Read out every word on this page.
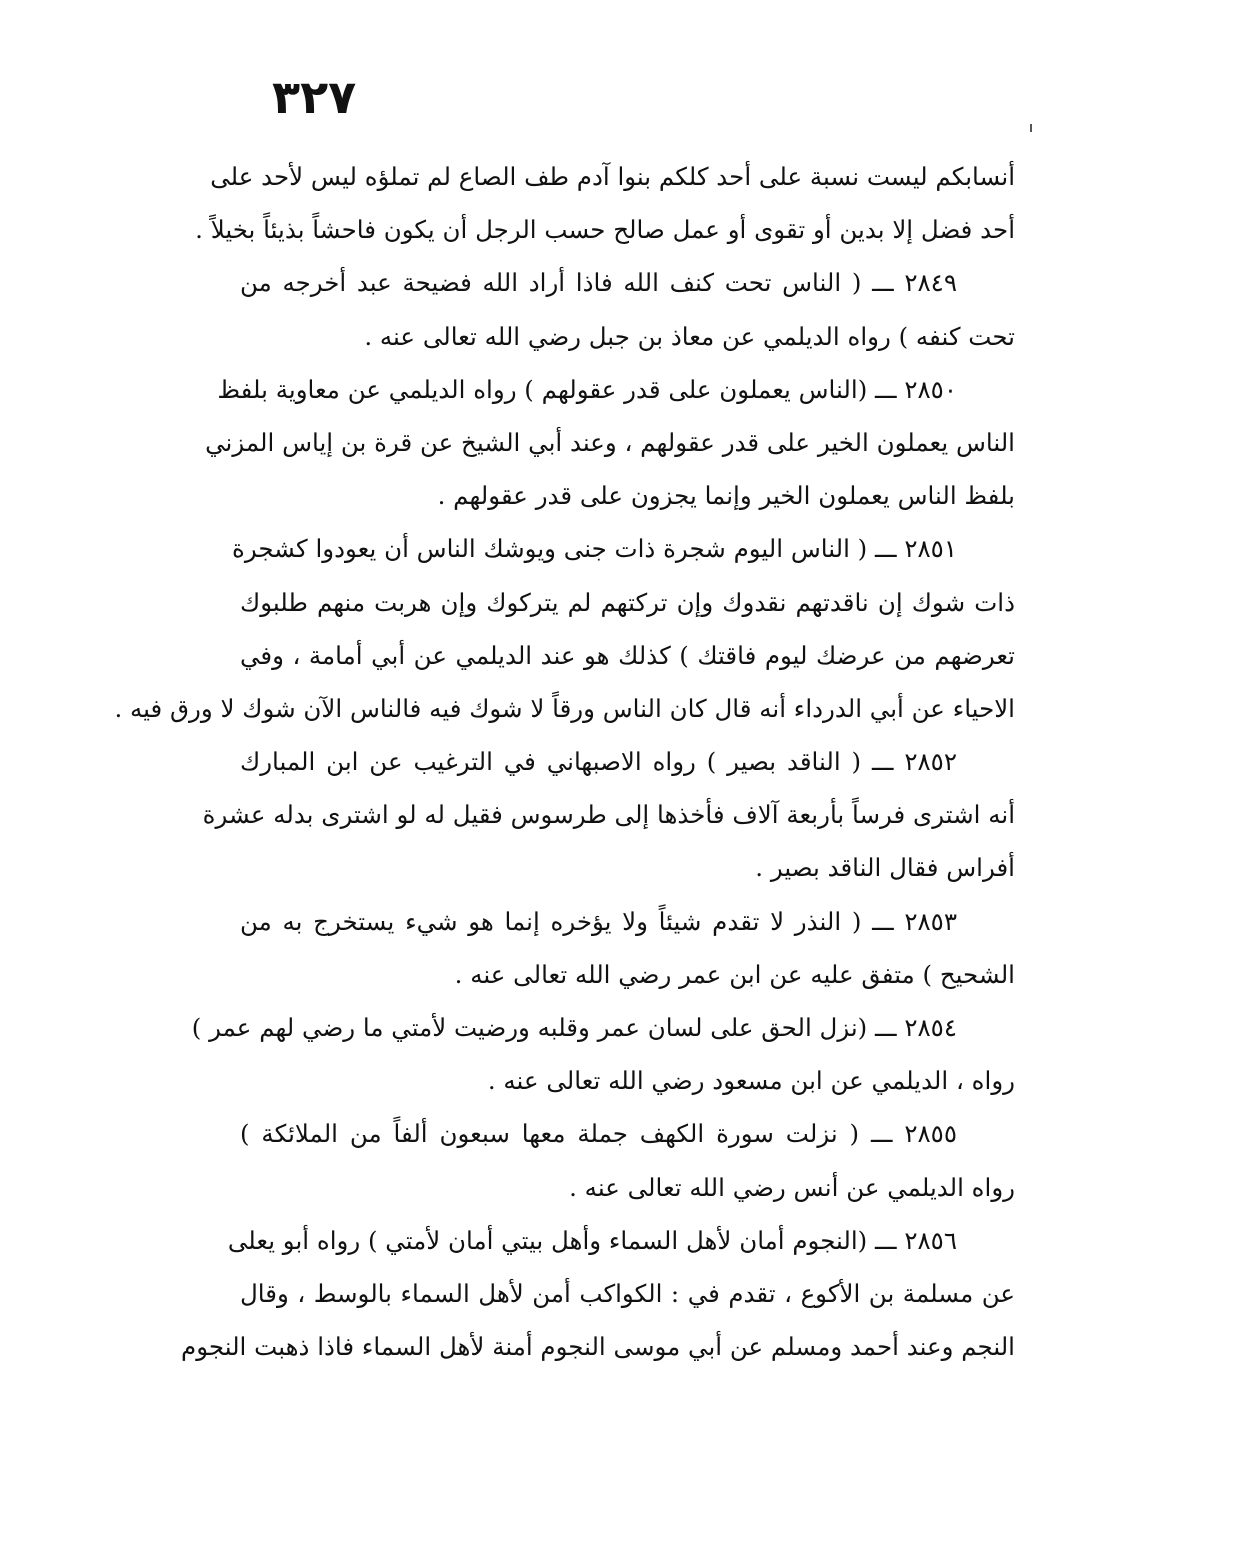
٣٢٧
أنسابكم ليست نسبة على أحد كلكم بنوا آدم طف الصاع لم تملؤه ليس لأحد على
أحد فضل إلا بدين أو تقوى أو عمل صالح حسب الرجل أن يكون فاحشاً بذيئاً بخيلاً .
٢٨٤٩ ـــ ( الناس تحت كنف الله فاذا أراد الله فضيحة عبد أخرجه من
تحت كنفه ) رواه الديلمي عن معاذ بن جبل رضي الله تعالى عنه .
٢٨٥٠ ـــ (الناس يعملون على قدر عقولهم ) رواه الديلمي عن معاوية بلفظ
الناس يعملون الخير على قدر عقولهم ، وعند أبي الشيخ عن قرة بن إياس المزني
بلفظ الناس يعملون الخير وإنما يجزون على قدر عقولهم .
٢٨٥١ ـــ ( الناس اليوم شجرة ذات جنى ويوشك الناس أن يعودوا كشجرة
ذات شوك إن ناقدتهم نقدوك وإن تركتهم لم يتركوك وإن هربت منهم طلبوك
تعرضهم من عرضك ليوم فاقتك ) كذلك هو عند الديلمي عن أبي أمامة ، وفي
الاحياء عن أبي الدرداء أنه قال كان الناس ورقاً لا شوك فيه فالناس الآن شوك لا ورق فيه .
٢٨٥٢ ـــ ( الناقد بصير ) رواه الاصبهاني في الترغيب عن ابن المبارك
أنه اشترى فرساً بأربعة آلاف فأخذها إلى طرسوس فقيل له لو اشترى بدله عشرة
أفراس فقال الناقد بصير .
٢٨٥٣ ـــ ( النذر لا تقدم شيئاً ولا يؤخره إنما هو شيء يستخرج به من
الشحيح ) متفق عليه عن ابن عمر رضي الله تعالى عنه .
٢٨٥٤ ـــ (نزل الحق على لسان عمر وقلبه ورضيت لأمتي ما رضي لهم عمر )
رواه ، الديلمي عن ابن مسعود رضي الله تعالى عنه .
٢٨٥٥ ـــ ( نزلت سورة الكهف جملة معها سبعون ألفاً من الملائكة )
رواه الديلمي عن أنس رضي الله تعالى عنه .
٢٨٥٦ ـــ (النجوم أمان لأهل السماء وأهل بيتي أمان لأمتي ) رواه أبو يعلى
عن مسلمة بن الأكوع ، تقدم في : الكواكب أمن لأهل السماء بالوسط ، وقال
النجم وعند أحمد ومسلم عن أبي موسى النجوم أمنة لأهل السماء فاذا ذهبت النجوم
